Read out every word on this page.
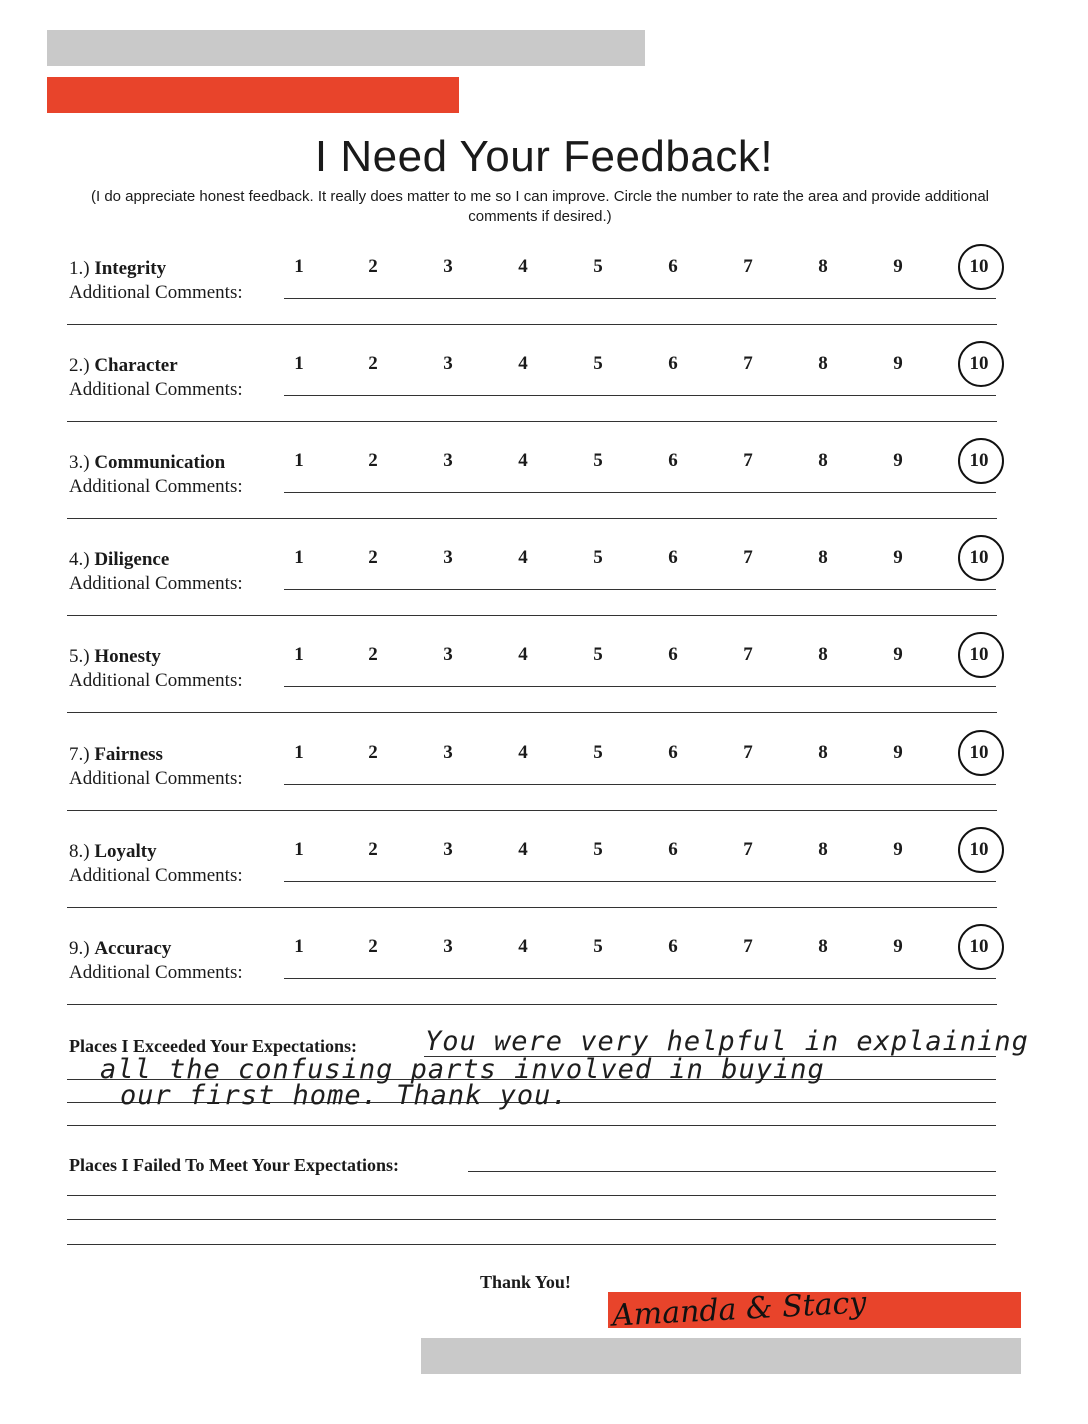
I Need Your Feedback!
(I do appreciate honest feedback. It really does matter to me so I can improve. Circle the number to rate the area and provide additional comments if desired.)
1.) Integrity
Additional Comments:
1	2	3	4	5	6	7	8	9	10
2.) Character
Additional Comments:
1	2	3	4	5	6	7	8	9	10
3.) Communication
Additional Comments:
1	2	3	4	5	6	7	8	9	10
4.) Diligence
Additional Comments:
1	2	3	4	5	6	7	8	9	10
5.) Honesty
Additional Comments:
1	2	3	4	5	6	7	8	9	10
7.) Fairness
Additional Comments:
1	2	3	4	5	6	7	8	9	10
8.) Loyalty
Additional Comments:
1	2	3	4	5	6	7	8	9	10
9.) Accuracy
Additional Comments:
1	2	3	4	5	6	7	8	9	10
Places I Exceeded Your Expectations:	You were very helpful in explaining
all the confusing parts involved in buying
our first home. Thank you.
Places I Failed To Meet Your Expectations:
Thank You!
Amanda & Stacy
